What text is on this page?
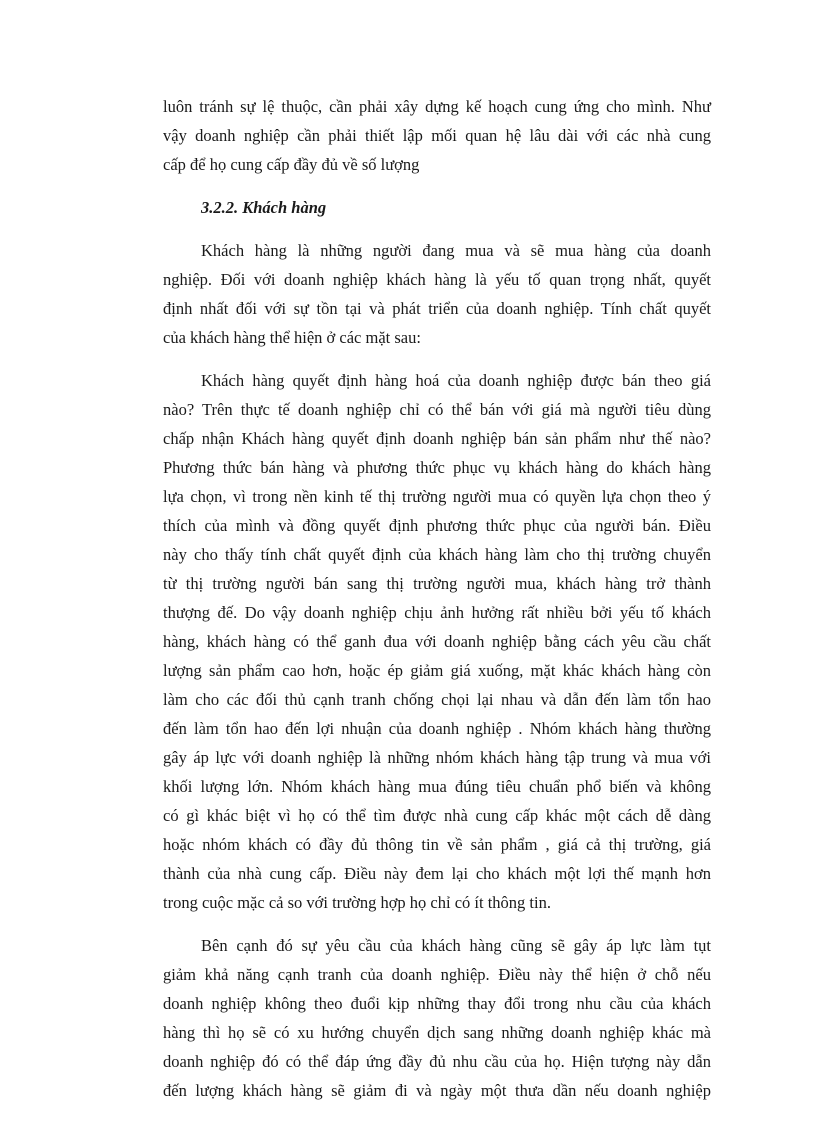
luôn tránh sự lệ thuộc, cần phải xây dựng kế hoạch cung ứng cho mình. Như
vậy doanh nghiệp cần phải thiết lập mối quan hệ lâu dài với các nhà cung
cấp để họ cung cấp đầy đủ về số lượng
3.2.2. Khách hàng
Khách hàng là những người đang mua và sẽ mua hàng của doanh
nghiệp. Đối với doanh nghiệp khách hàng là yếu tố quan trọng nhất, quyết
định nhất đối với sự tồn tại và phát triển của doanh nghiệp. Tính chất quyết
của khách hàng thể hiện ở các mặt sau:
Khách hàng quyết định hàng hoá của doanh nghiệp được bán theo giá
nào? Trên thực tế doanh nghiệp chỉ có thể bán với giá mà người tiêu dùng
chấp nhận Khách hàng quyết định doanh nghiệp bán sản phẩm như thế nào?
Phương thức bán hàng và phương thức phục vụ khách hàng do khách hàng
lựa chọn, vì trong nền kinh tế thị trường người mua có quyền lựa chọn theo ý
thích của mình và đồng quyết định phương thức phục của người bán. Điều
này cho thấy tính chất quyết định của khách hàng làm cho thị trường chuyển
từ thị trường người bán sang thị trường người mua, khách hàng trở thành
thượng đế. Do vậy doanh nghiệp chịu ảnh hưởng rất nhiều bởi yếu tố khách
hàng, khách hàng có thể ganh đua với doanh nghiệp bằng cách yêu cầu chất
lượng sản phẩm cao hơn, hoặc ép giảm giá xuống, mặt khác khách hàng còn
làm cho các đối thủ cạnh tranh chống chọi lại nhau và dẫn đến làm tổn hao
đến làm tổn hao đến lợi nhuận của doanh nghiệp . Nhóm khách hàng thường
gây áp lực với doanh nghiệp là những nhóm khách hàng tập trung và mua với
khối lượng lớn. Nhóm khách hàng mua đúng tiêu chuẩn phổ biến và không
có gì khác biệt vì họ có thể tìm được nhà cung cấp khác một cách dễ dàng
hoặc nhóm khách có đầy đủ thông tin về sản phẩm , giá cả thị trường, giá
thành của nhà cung cấp. Điều này đem lại cho khách một lợi thế mạnh hơn
trong cuộc mặc cả so với trường hợp họ chỉ có ít thông tin.
Bên cạnh đó sự yêu cầu của khách hàng cũng sẽ gây áp lực làm tụt
giảm khả năng cạnh tranh của doanh nghiệp. Điều này thể hiện ở chỗ nếu
doanh nghiệp không theo đuổi kịp những thay đổi trong nhu cầu của khách
hàng thì họ sẽ có xu hướng chuyển dịch sang những doanh nghiệp khác mà
doanh nghiệp đó có thể đáp ứng đầy đủ nhu cầu của họ. Hiện tượng này dẫn
đến lượng khách hàng sẽ giảm đi và ngày một thưa dần nếu doanh nghiệp
